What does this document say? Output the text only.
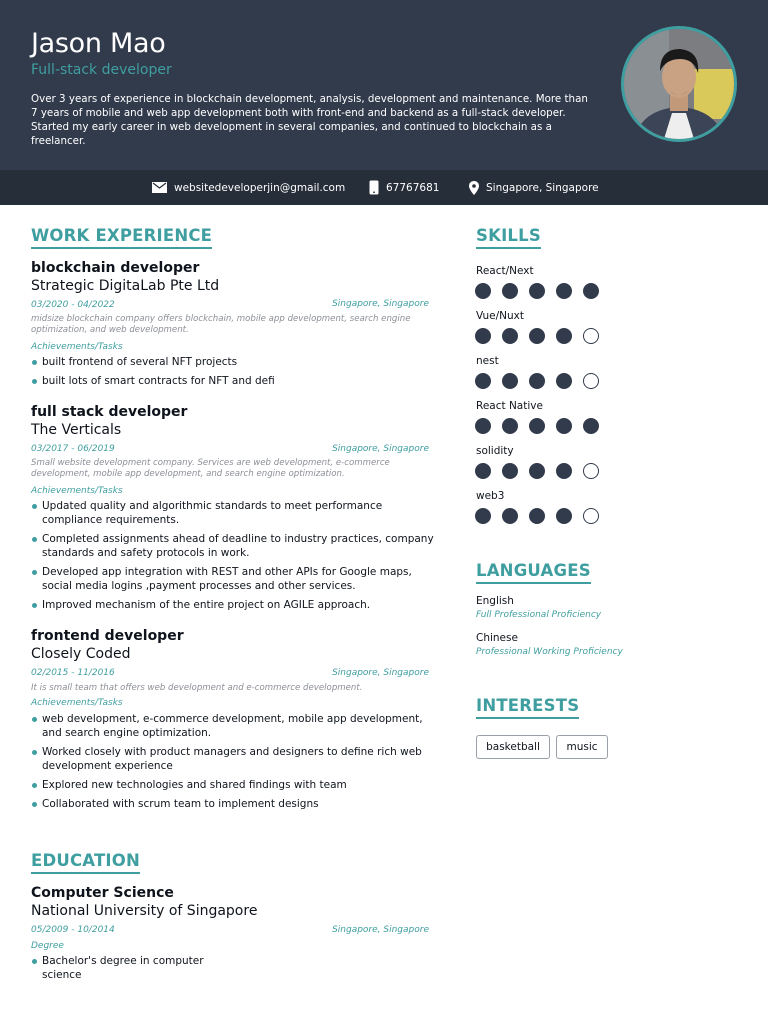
Jason Mao
Full-stack developer
Over 3 years of experience in blockchain development, analysis, development and maintenance. More than 7 years of mobile and web app development both with front-end and backend as a full-stack developer. Started my early career in web development in several companies, and continued to blockchain as a freelancer.
websitedeveloperjin@gmail.com	67767681	Singapore, Singapore
WORK EXPERIENCE
blockchain developer
Strategic DigitaLab Pte Ltd
03/2020 - 04/2022	Singapore, Singapore
midsize blockchain company offers blockchain, mobile app development, search engine optimization, and web development.
Achievements/Tasks
built frontend of several NFT projects
built lots of smart contracts for NFT and defi
full stack developer
The Verticals
03/2017 - 06/2019	Singapore, Singapore
Small website development company. Services are web development, e-commerce development, mobile app development, and search engine optimization.
Achievements/Tasks
Updated quality and algorithmic standards to meet performance compliance requirements.
Completed assignments ahead of deadline to industry practices, company standards and safety protocols in work.
Developed app integration with REST and other APIs for Google maps, social media logins ,payment processes and other services.
Improved mechanism of the entire project on AGILE approach.
frontend developer
Closely Coded
02/2015 - 11/2016	Singapore, Singapore
It is small team that offers web development and e-commerce development.
Achievements/Tasks
web development, e-commerce development, mobile app development, and search engine optimization.
Worked closely with product managers and designers to define rich web development experience
Explored new technologies and shared findings with team
Collaborated with scrum team to implement designs
EDUCATION
Computer Science
National University of Singapore
05/2009 - 10/2014	Singapore, Singapore
Degree
Bachelor's degree in computer science
SKILLS
React/Next
Vue/Nuxt
nest
React Native
solidity
web3
LANGUAGES
English
Full Professional Proficiency
Chinese
Professional Working Proficiency
INTERESTS
basketball	music
